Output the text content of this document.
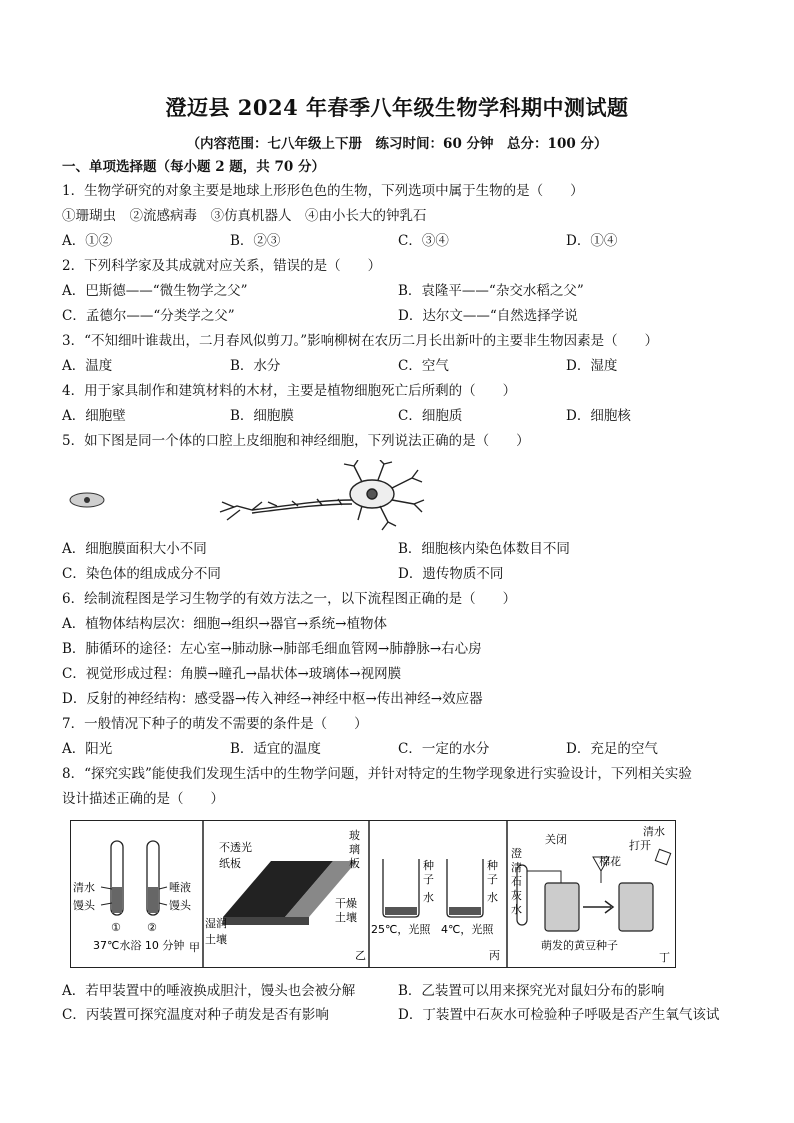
澄迈县 2024 年春季八年级生物学科期中测试题
（内容范围：七八年级上下册　练习时间：60 分钟　总分：100 分）
一、单项选择题（每小题 2 题，共 70 分）
1．生物学研究的对象主要是地球上形形色色的生物，下列选项中属于生物的是（　　）
①珊瑚虫　②流感病毒　③仿真机器人　④由小长大的钟乳石
A．①②	B．②③	C．③④	D．①④
2．下列科学家及其成就对应关系，错误的是（　　）
A．巴斯德——“微生物学之父”	B．袁隆平——“杂交水稻之父”
C．孟德尔——“分类学之父”	D．达尔文——“自然选择学说
3．“不知细叶谁裁出，二月春风似剪刀。”影响柳树在农历二月长出新叶的主要非生物因素是（　　）
A．温度	B．水分	C．空气	D．湿度
4．用于家具制作和建筑材料的木材，主要是植物细胞死亡后所剩的（　　）
A．细胞壁	B．细胞膜	C．细胞质	D．细胞核
5．如下图是同一个体的口腔上皮细胞和神经细胞，下列说法正确的是（　　）
A．细胞膜面积大小不同	B．细胞核内染色体数目不同
C．染色体的组成成分不同	D．遗传物质不同
6．绘制流程图是学习生物学的有效方法之一，以下流程图正确的是（　　）
A．植物体结构层次：细胞→组织→器官→系统→植物体
B．肺循环的途径：左心室→肺动脉→肺部毛细血管网→肺静脉→右心房
C．视觉形成过程：角膜→瞳孔→晶状体→玻璃体→视网膜
D．反射的神经结构：感受器→传入神经→神经中枢→传出神经→效应器
7．一般情况下种子的萌发不需要的条件是（　　）
A．阳光	B．适宜的温度	C．一定的水分	D．充足的空气
8．“探究实践”能使我们发现生活中的生物学问题，并针对特定的生物学现象进行实验设计，下列相关实验
设计描述正确的是（　　）
清水
馒头
唾液
馒头
① ②
37℃水浴 10 分钟 甲
不透光
纸板
玻
璃
板
干燥
土壤
湿润
土壤
乙
种
子
水
种
子
水
25℃，光照 4℃，光照
丙
关闭
清水
打开
棉花
澄
清
石
灰
水
萌发的黄豆种子
丁
A．若甲装置中的唾液换成胆汁，馒头也会被分解	B．乙装置可以用来探究光对鼠妇分布的影响
C．丙装置可探究温度对种子萌发是否有影响	D．丁装置中石灰水可检验种子呼吸是否产生氧气该试
